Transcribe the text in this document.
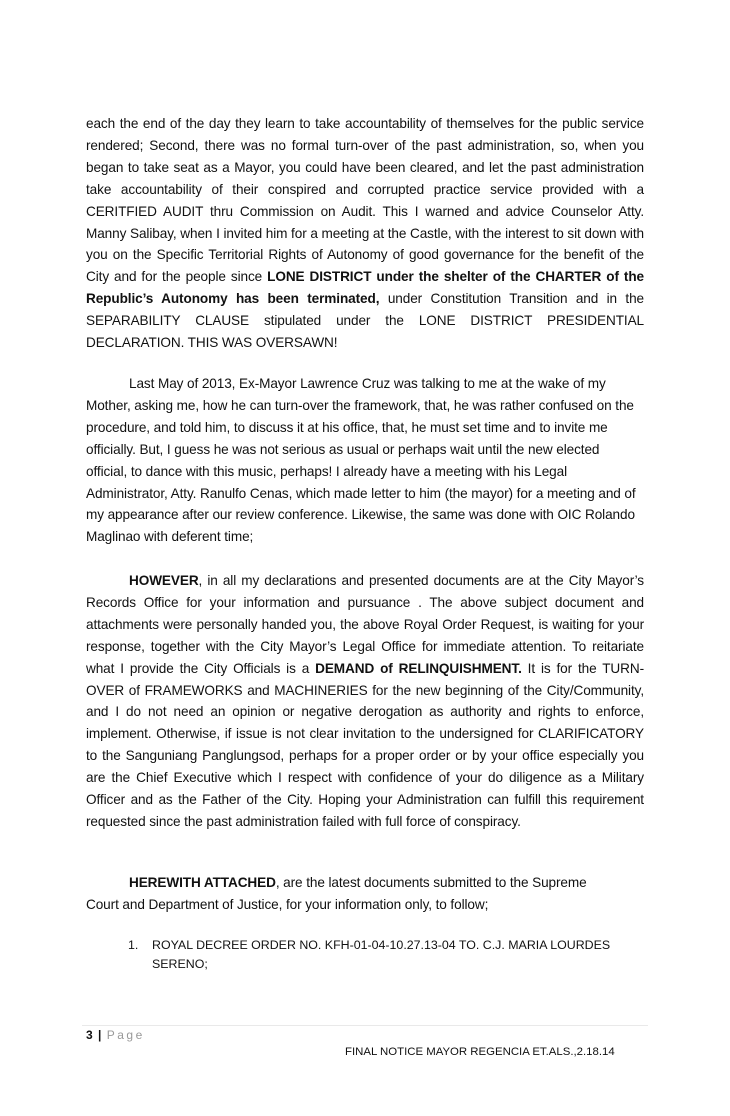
each the end of the day they learn to take accountability of themselves for the public service rendered; Second, there was no formal turn-over of the past administration, so, when you began to take seat as a Mayor, you could have been cleared, and let the past administration take accountability of their conspired and corrupted practice service provided with a CERITFIED AUDIT thru Commission on Audit. This I warned and advice Counselor Atty. Manny Salibay, when I invited him for a meeting at the Castle, with the interest to sit down with you on the Specific Territorial Rights of Autonomy of good governance for the benefit of the City and for the people since LONE DISTRICT under the shelter of the CHARTER of the Republic’s Autonomy has been terminated, under Constitution Transition and in the SEPARABILITY CLAUSE stipulated under the LONE DISTRICT PRESIDENTIAL DECLARATION. THIS WAS OVERSAWN!

Last May of 2013, Ex-Mayor Lawrence Cruz was talking to me at the wake of my Mother, asking me, how he can turn-over the framework, that, he was rather confused on the procedure, and told him, to discuss it at his office, that, he must set time and to invite me officially. But, I guess he was not serious as usual or perhaps wait until the new elected official, to dance with this music, perhaps! I already have a meeting with his Legal Administrator, Atty. Ranulfo Cenas, which made letter to him (the mayor) for a meeting and of my appearance after our review conference. Likewise, the same was done with OIC Rolando Maglinao with deferent time;

HOWEVER, in all my declarations and presented documents are at the City Mayor’s Records Office for your information and pursuance . The above subject document and attachments were personally handed you, the above Royal Order Request, is waiting for your response, together with the City Mayor’s Legal Office for immediate attention. To reitariate what I provide the City Officials is a DEMAND of RELINQUISHMENT. It is for the TURN-OVER of FRAMEWORKS and MACHINERIES for the new beginning of the City/Community, and I do not need an opinion or negative derogation as authority and rights to enforce, implement. Otherwise, if issue is not clear invitation to the undersigned for CLARIFICATORY to the Sanguniang Panglungsod, perhaps for a proper order or by your office especially you are the Chief Executive which I respect with confidence of your do diligence as a Military Officer and as the Father of the City. Hoping your Administration can fulfill this requirement requested since the past administration failed with full force of conspiracy.

HEREWITH ATTACHED, are the latest documents submitted to the Supreme Court and Department of Justice, for your information only, to follow;

1.	ROYAL DECREE ORDER NO. KFH-01-04-10.27.13-04 TO. C.J. MARIA LOURDES SERENO;
3 | Page
FINAL NOTICE MAYOR REGENCIA ET.ALS.,2.18.14
